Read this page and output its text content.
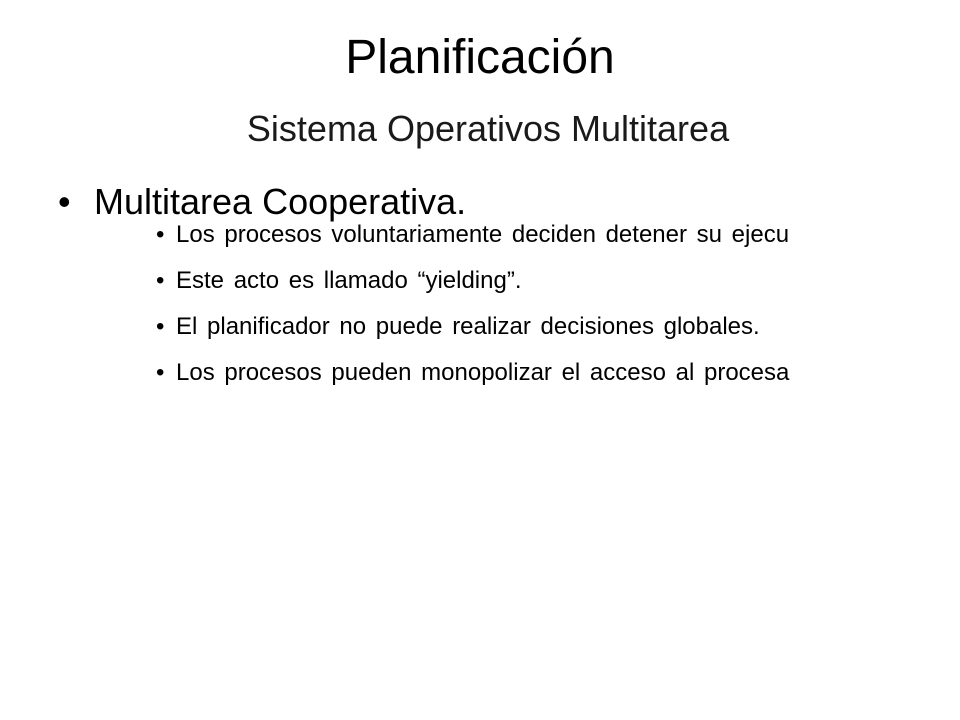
Planificación
Sistema Operativos Multitarea
• Multitarea Cooperativa.
• Los procesos voluntariamente deciden detener su ejecu
• Este acto es llamado “yielding”.
• El planificador no puede realizar decisiones globales.
• Los procesos pueden monopolizar el acceso al procesa
